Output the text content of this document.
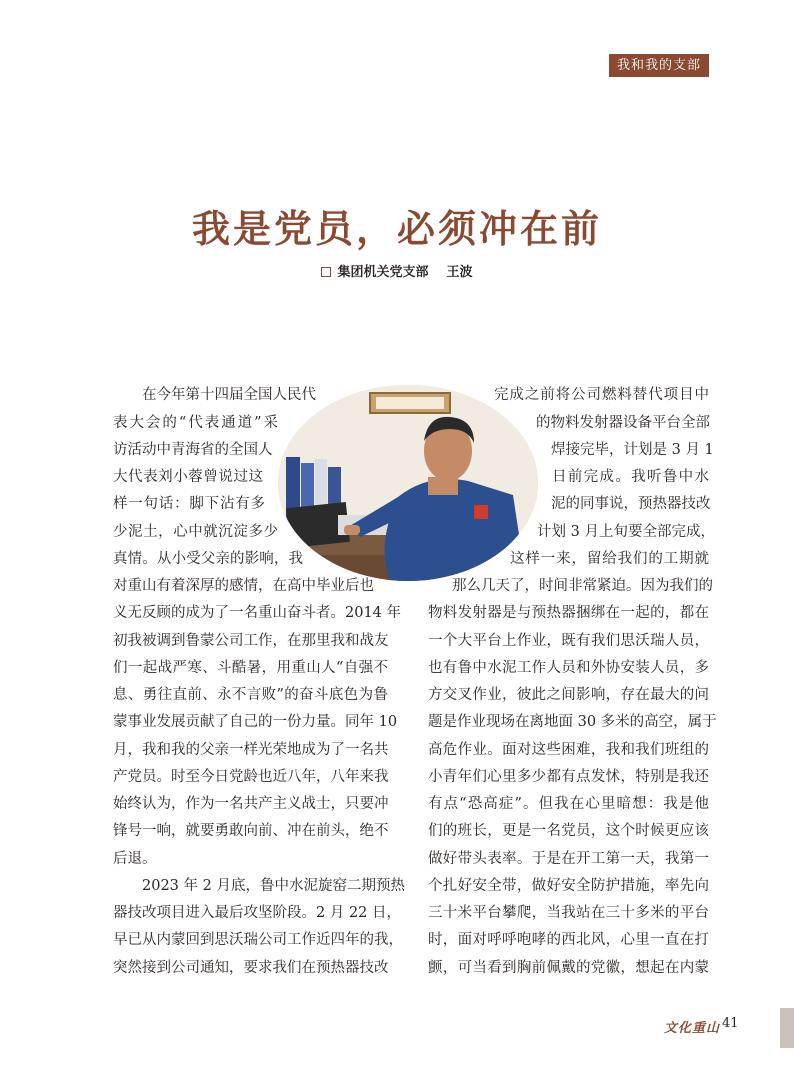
我和我的支部
我是党员，必须冲在前
集团机关党支部 王波
在今年第十四届全国人民代
表大会的“代表通道”采
访活动中青海省的全国人
大代表刘小蓉曾说过这
样一句话：脚下沾有多
少泥土，心中就沉淀多少
真情。从小受父亲的影响，我
对重山有着深厚的感情，在高中毕业后也
义无反顾的成为了一名重山奋斗者。2014 年
初我被调到鲁蒙公司工作，在那里我和战友
们一起战严寒、斗酷暑，用重山人“自强不
息、勇往直前、永不言败”的奋斗底色为鲁
蒙事业发展贡献了自己的一份力量。同年 10
月，我和我的父亲一样光荣地成为了一名共
产党员。时至今日党龄也近八年，八年来我
始终认为，作为一名共产主义战士，只要冲
锋号一响，就要勇敢向前、冲在前头，绝不
后退。
2023 年 2 月底，鲁中水泥旋窑二期预热
器技改项目进入最后攻坚阶段。2 月 22 日，
早已从内蒙回到思沃瑞公司工作近四年的我，
突然接到公司通知，要求我们在预热器技改
完成之前将公司燃料替代项目中
的物料发射器设备平台全部
焊接完毕，计划是 3 月 1
日前完成。我听鲁中水
泥的同事说，预热器技改
计划 3 月上旬要全部完成，
这样一来，留给我们的工期就
那么几天了，时间非常紧迫。因为我们的
物料发射器是与预热器捆绑在一起的，都在
一个大平台上作业，既有我们思沃瑞人员，
也有鲁中水泥工作人员和外协安装人员，多
方交叉作业，彼此之间影响，存在最大的问
题是作业现场在离地面 30 多米的高空，属于
高危作业。面对这些困难，我和我们班组的
小青年们心里多少都有点发怵，特别是我还
有点“恐高症”。但我在心里暗想：我是他
们的班长，更是一名党员，这个时候更应该
做好带头表率。于是在开工第一天，我第一
个扎好安全带，做好安全防护措施，率先向
三十米平台攀爬，当我站在三十多米的平台
时，面对呼呼咆哮的西北风，心里一直在打
颤，可当看到胸前佩戴的党徽，想起在内蒙
文化重山 41
